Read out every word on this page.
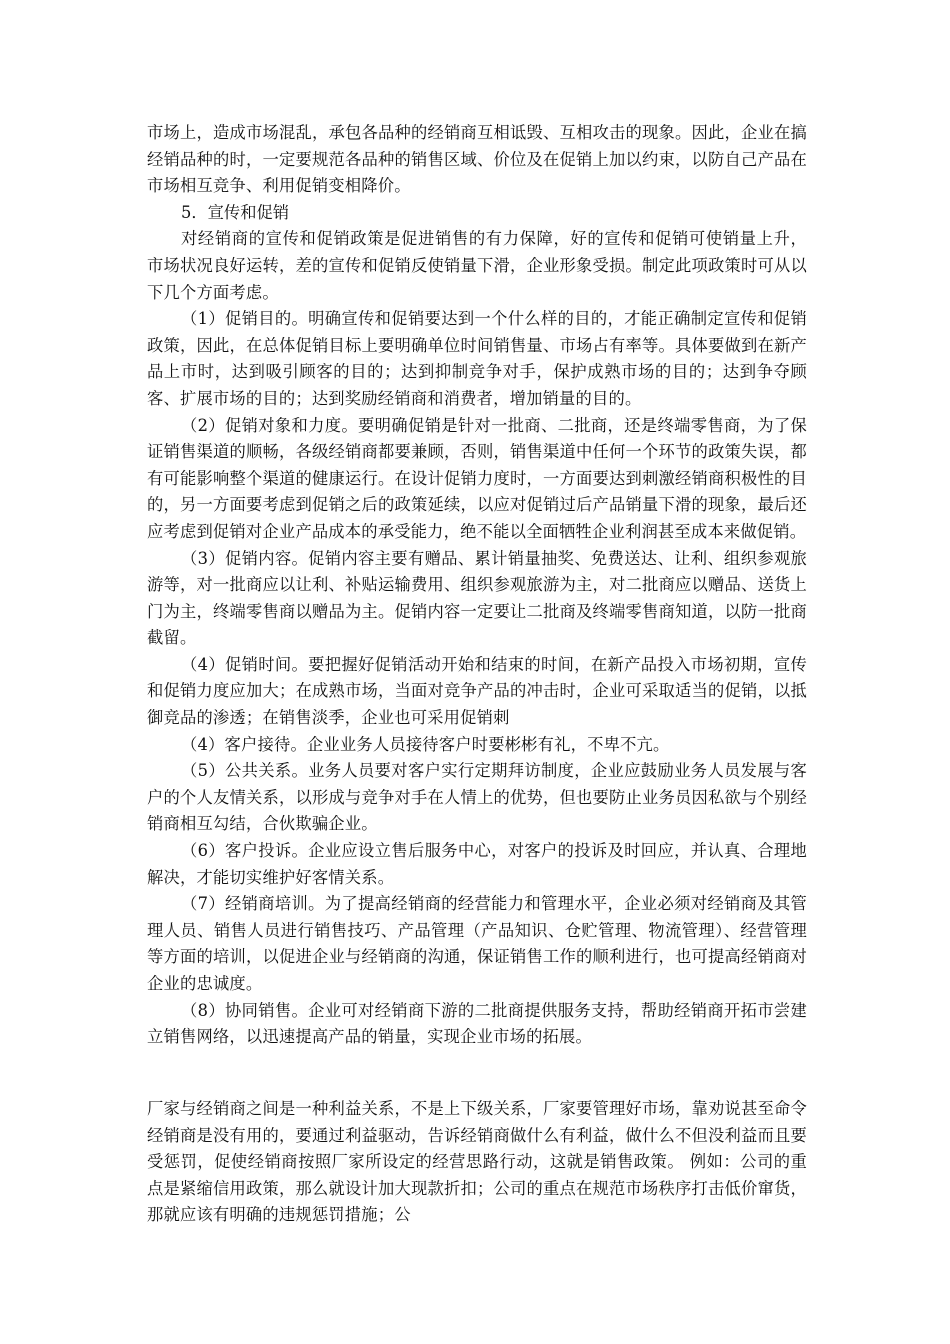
市场上，造成市场混乱，承包各品种的经销商互相诋毁、互相攻击的现象。因此，企业在搞经销品种的时，一定要规范各品种的销售区域、价位及在促销上加以约束，以防自己产品在市场相互竞争、利用促销变相降价。

5．宣传和促销

对经销商的宣传和促销政策是促进销售的有力保障，好的宣传和促销可使销量上升，市场状况良好运转，差的宣传和促销反使销量下滑，企业形象受损。制定此项政策时可从以下几个方面考虑。

（1）促销目的。明确宣传和促销要达到一个什么样的目的，才能正确制定宣传和促销政策，因此，在总体促销目标上要明确单位时间销售量、市场占有率等。具体要做到在新产品上市时，达到吸引顾客的目的；达到抑制竞争对手，保护成熟市场的目的；达到争夺顾客、扩展市场的目的；达到奖励经销商和消费者，增加销量的目的。

（2）促销对象和力度。要明确促销是针对一批商、二批商，还是终端零售商，为了保证销售渠道的顺畅，各级经销商都要兼顾，否则，销售渠道中任何一个环节的政策失误，都有可能影响整个渠道的健康运行。在设计促销力度时，一方面要达到刺激经销商积极性的目的，另一方面要考虑到促销之后的政策延续，以应对促销过后产品销量下滑的现象，最后还应考虑到促销对企业产品成本的承受能力，绝不能以全面牺牲企业利润甚至成本来做促销。

（3）促销内容。促销内容主要有赠品、累计销量抽奖、免费送达、让利、组织参观旅游等，对一批商应以让利、补贴运输费用、组织参观旅游为主，对二批商应以赠品、送货上门为主，终端零售商以赠品为主。促销内容一定要让二批商及终端零售商知道，以防一批商截留。

（4）促销时间。要把握好促销活动开始和结束的时间，在新产品投入市场初期，宣传和促销力度应加大；在成熟市场，当面对竞争产品的冲击时，企业可采取适当的促销，以抵御竞品的渗透；在销售淡季，企业也可采用促销刺

（4）客户接待。企业业务人员接待客户时要彬彬有礼，不卑不亢。

（5）公共关系。业务人员要对客户实行定期拜访制度，企业应鼓励业务人员发展与客户的个人友情关系，以形成与竞争对手在人情上的优势，但也要防止业务员因私欲与个别经销商相互勾结，合伙欺骗企业。

（6）客户投诉。企业应设立售后服务中心，对客户的投诉及时回应，并认真、合理地解决，才能切实维护好客情关系。

（7）经销商培训。为了提高经销商的经营能力和管理水平，企业必须对经销商及其管理人员、销售人员进行销售技巧、产品管理（产品知识、仓贮管理、物流管理）、经营管理等方面的培训，以促进企业与经销商的沟通，保证销售工作的顺利进行，也可提高经销商对企业的忠诚度。

（8）协同销售。企业可对经销商下游的二批商提供服务支持，帮助经销商开拓市尝建立销售网络，以迅速提高产品的销量，实现企业市场的拓展。

厂家与经销商之间是一种利益关系，不是上下级关系，厂家要管理好市场，靠劝说甚至命令经销商是没有用的，要通过利益驱动，告诉经销商做什么有利益，做什么不但没利益而且要受惩罚，促使经销商按照厂家所设定的经营思路行动，这就是销售政策。 例如：公司的重点是紧缩信用政策，那么就设计加大现款折扣；公司的重点在规范市场秩序打击低价窜货，那就应该有明确的违规惩罚措施；公
